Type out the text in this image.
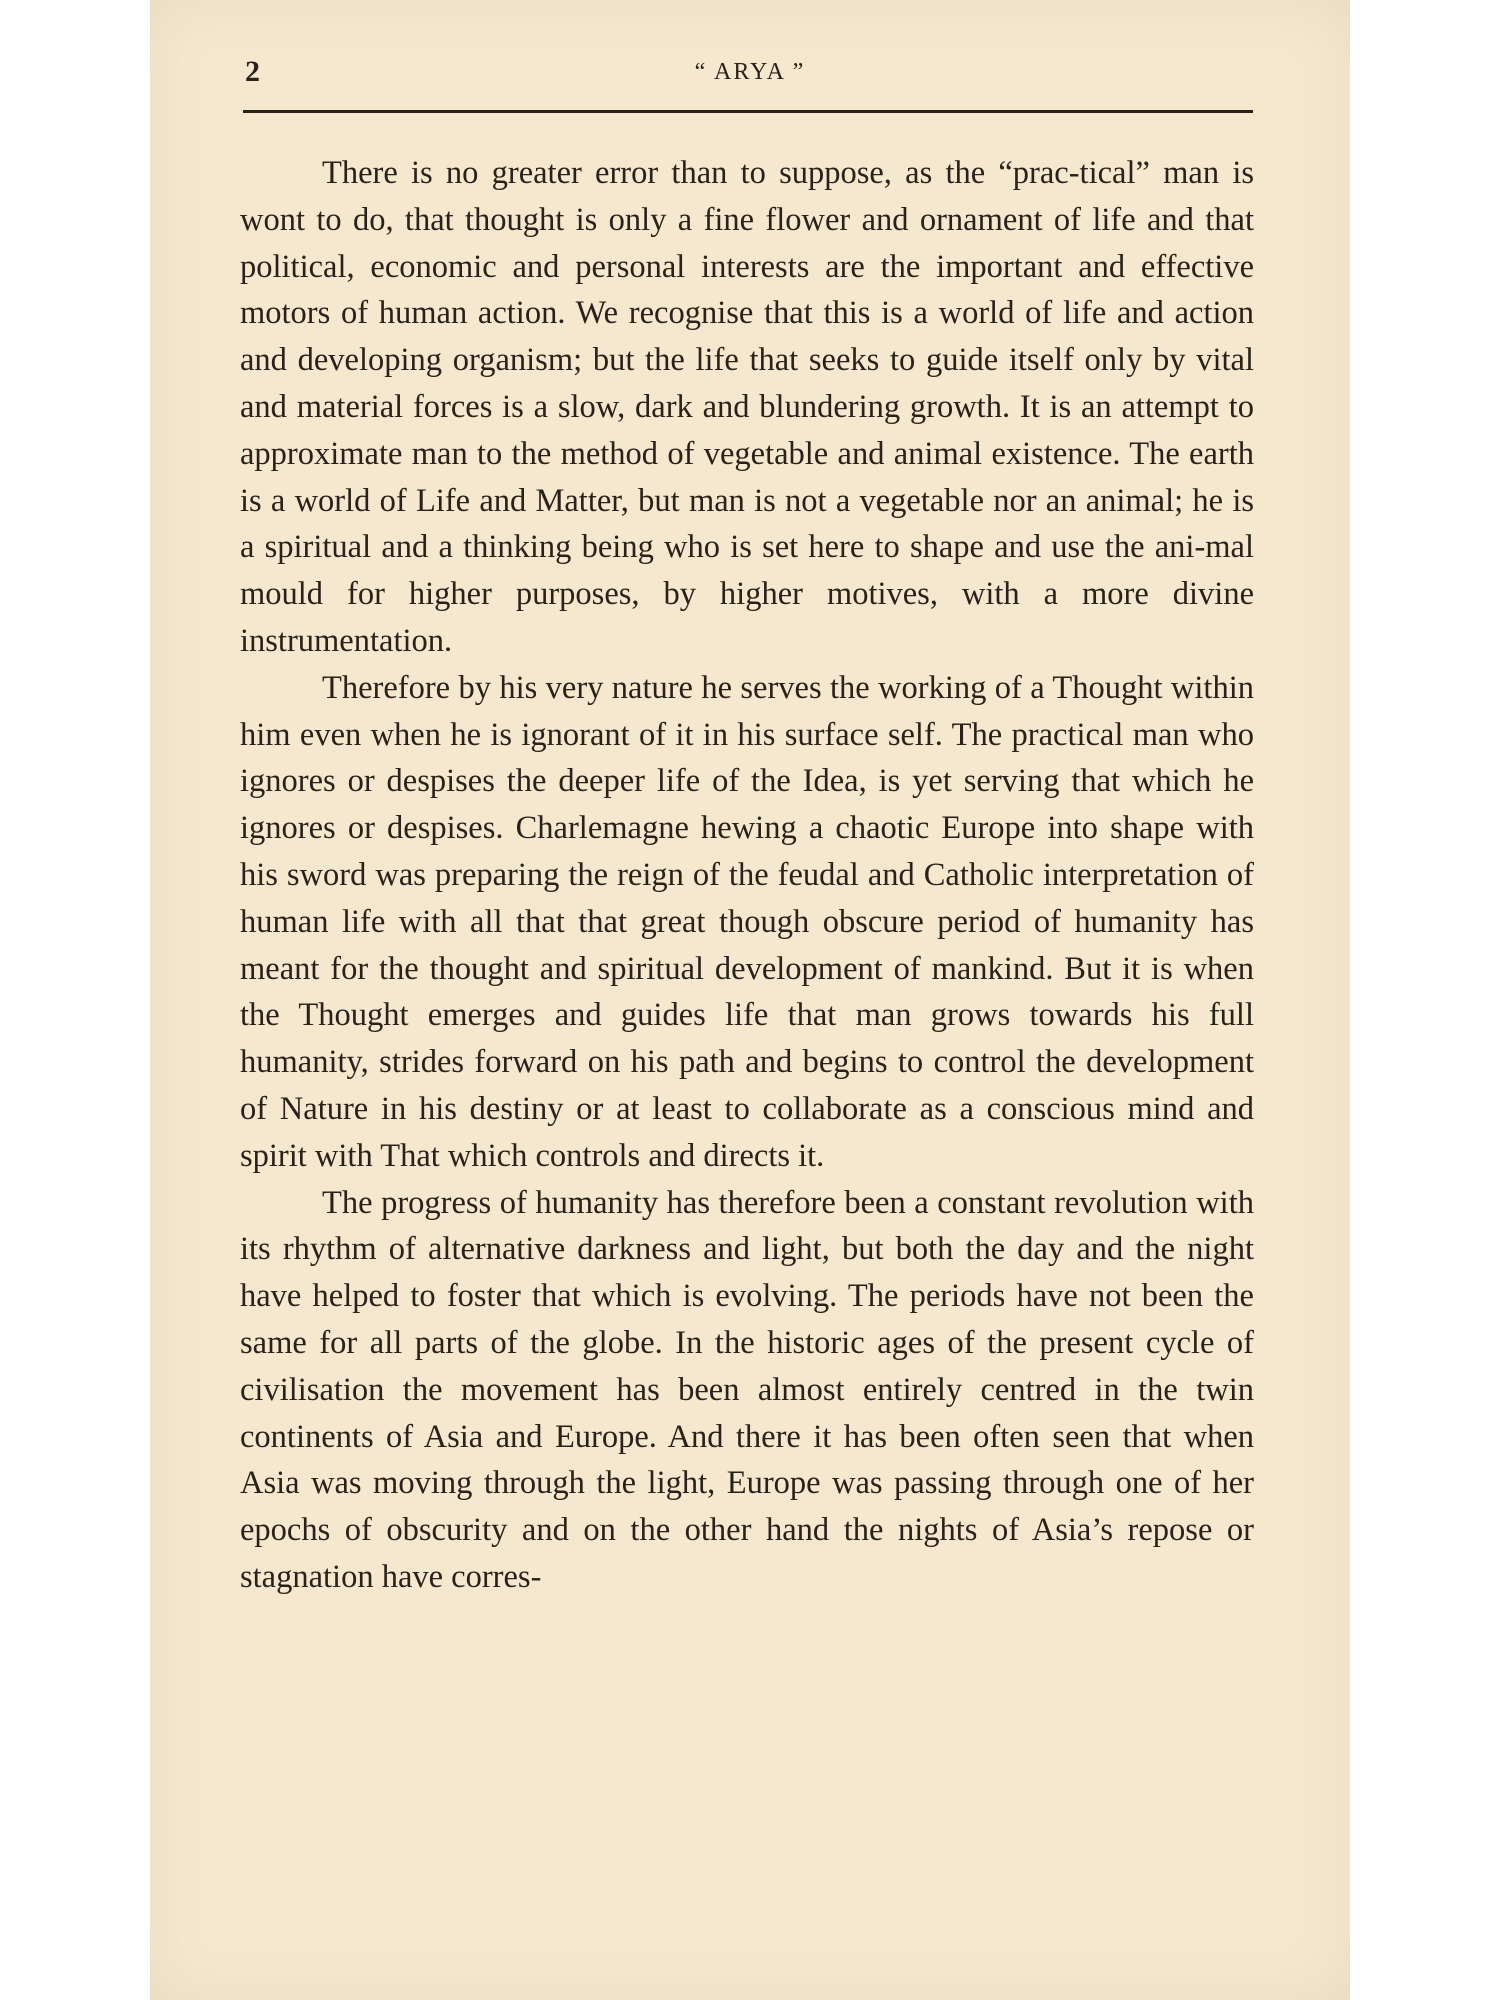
2	“ ARYA ”

There is no greater error than to suppose, as the “prac-tical” man is wont to do, that thought is only a fine flower and ornament of life and that political, economic and personal interests are the important and effective motors of human action. We recognise that this is a world of life and action and developing organism; but the life that seeks to guide itself only by vital and material forces is a slow, dark and blundering growth. It is an attempt to approximate man to the method of vegetable and animal existence. The earth is a world of Life and Matter, but man is not a vegetable nor an animal; he is a spiritual and a thinking being who is set here to shape and use the ani-mal mould for higher purposes, by higher motives, with a more divine instrumentation.

Therefore by his very nature he serves the working of a Thought within him even when he is ignorant of it in his surface self. The practical man who ignores or despises the deeper life of the Idea, is yet serving that which he ignores or despises. Charlemagne hewing a chaotic Europe into shape with his sword was preparing the reign of the feudal and Catholic interpretation of human life with all that that great though obscure period of humanity has meant for the thought and spiritual development of mankind. But it is when the Thought emerges and guides life that man grows towards his full humanity, strides forward on his path and begins to control the development of Nature in his destiny or at least to collaborate as a conscious mind and spirit with That which controls and directs it.

The progress of humanity has therefore been a constant revolution with its rhythm of alternative darkness and light, but both the day and the night have helped to foster that which is evolving. The periods have not been the same for all parts of the globe. In the historic ages of the present cycle of civilisation the movement has been almost entirely centred in the twin continents of Asia and Europe. And there it has been often seen that when Asia was moving through the light, Europe was passing through one of her epochs of obscurity and on the other hand the nights of Asia’s repose or stagnation have corres-
